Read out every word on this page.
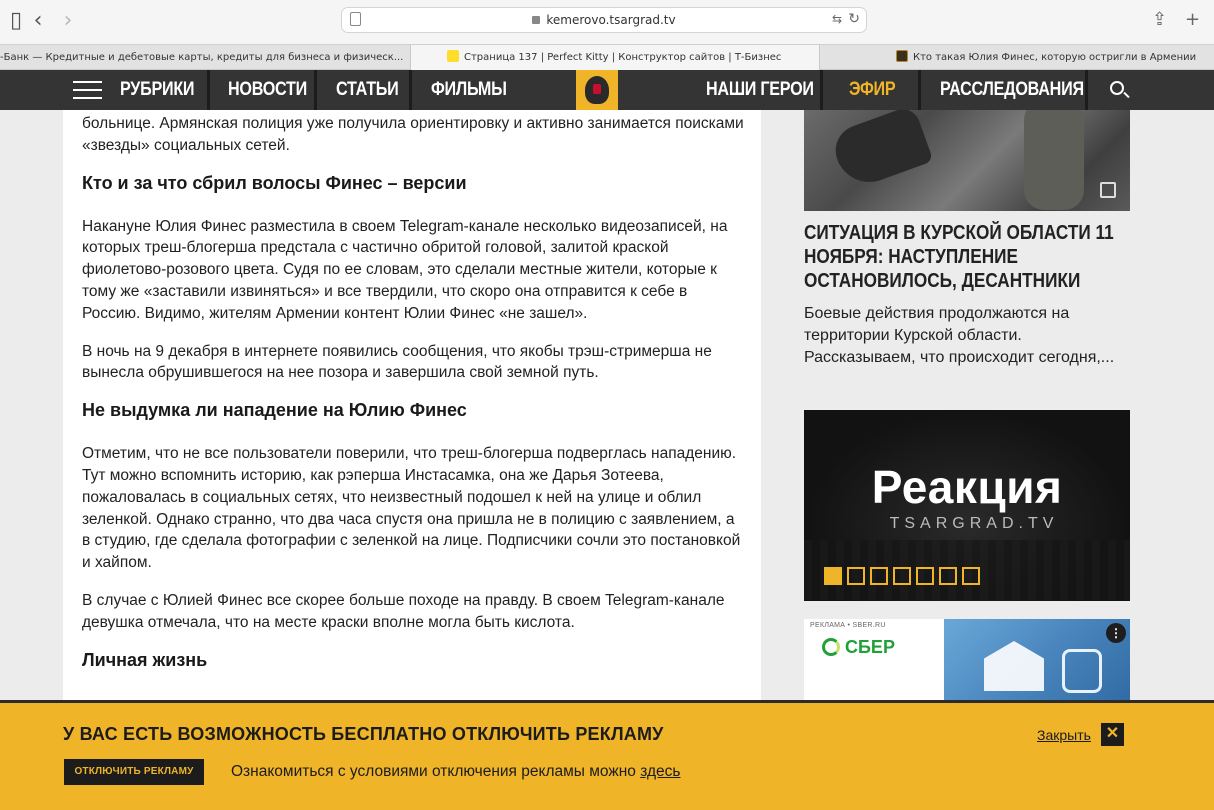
▯ ‹ ›	kemerovo.tsargrad.tv	⇆ ↻	⇪ +
-Банк — Кредитные и дебетовые карты, кредиты для бизнеса и физическ...	Страница 137 | Perfect Kitty | Конструктор сайтов | Т-Бизнес	Кто такая Юлия Финес, которую остригли в Армении
РУБРИКИ НОВОСТИ СТАТЬИ ФИЛЬМЫ	НАШИ ГЕРОИ ЭФИР РАССЛЕДОВАНИЯ

больнице. Армянская полиция уже получила ориентировку и активно занимается поисками «звезды» социальных сетей.

Кто и за что сбрил волосы Финес – версии

Накануне Юлия Финес разместила в своем Telegram-канале несколько видеозаписей, на которых треш-блогерша предстала с частично обритой головой, залитой краской фиолетово-розового цвета. Судя по ее словам, это сделали местные жители, которые к тому же «заставили извиняться» и все твердили, что скоро она отправится к себе в Россию. Видимо, жителям Армении контент Юлии Финес «не зашел».

В ночь на 9 декабря в интернете появились сообщения, что якобы трэш-стримерша не вынесла обрушившегося на нее позора и завершила свой земной путь.

Не выдумка ли нападение на Юлию Финес

Отметим, что не все пользователи поверили, что треш-блогерша подверглась нападению. Тут можно вспомнить историю, как рэперша Инстасамка, она же Дарья Зотеева, пожаловалась в социальных сетях, что неизвестный подошел к ней на улице и облил зеленкой. Однако странно, что два часа спустя она пришла не в полицию с заявлением, а в студию, где сделала фотографии с зеленкой на лице. Подписчики сочли это постановкой и хайпом.

В случае с Юлией Финес все скорее больше походе на правду. В своем Telegram-канале девушка отмечала, что на месте краски вполне могла быть кислота.

Личная жизнь
СИТУАЦИЯ В КУРСКОЙ ОБЛАСТИ 11 НОЯБРЯ: НАСТУПЛЕНИЕ ОСТАНОВИЛОСЬ, ДЕСАНТНИКИ
Боевые действия продолжаются на территории Курской области. Рассказываем, что происходит сегодня,...
Реакция
TSARGRAD.TV
РЕКЛАМА • SBER.RU
СБЕР
⋮
У ВАС ЕСТЬ ВОЗМОЖНОСТЬ БЕСПЛАТНО ОТКЛЮЧИТЬ РЕКЛАМУ	Закрыть ✕
ОТКЛЮЧИТЬ РЕКЛАМУ	Ознакомиться с условиями отключения рекламы можно здесь
